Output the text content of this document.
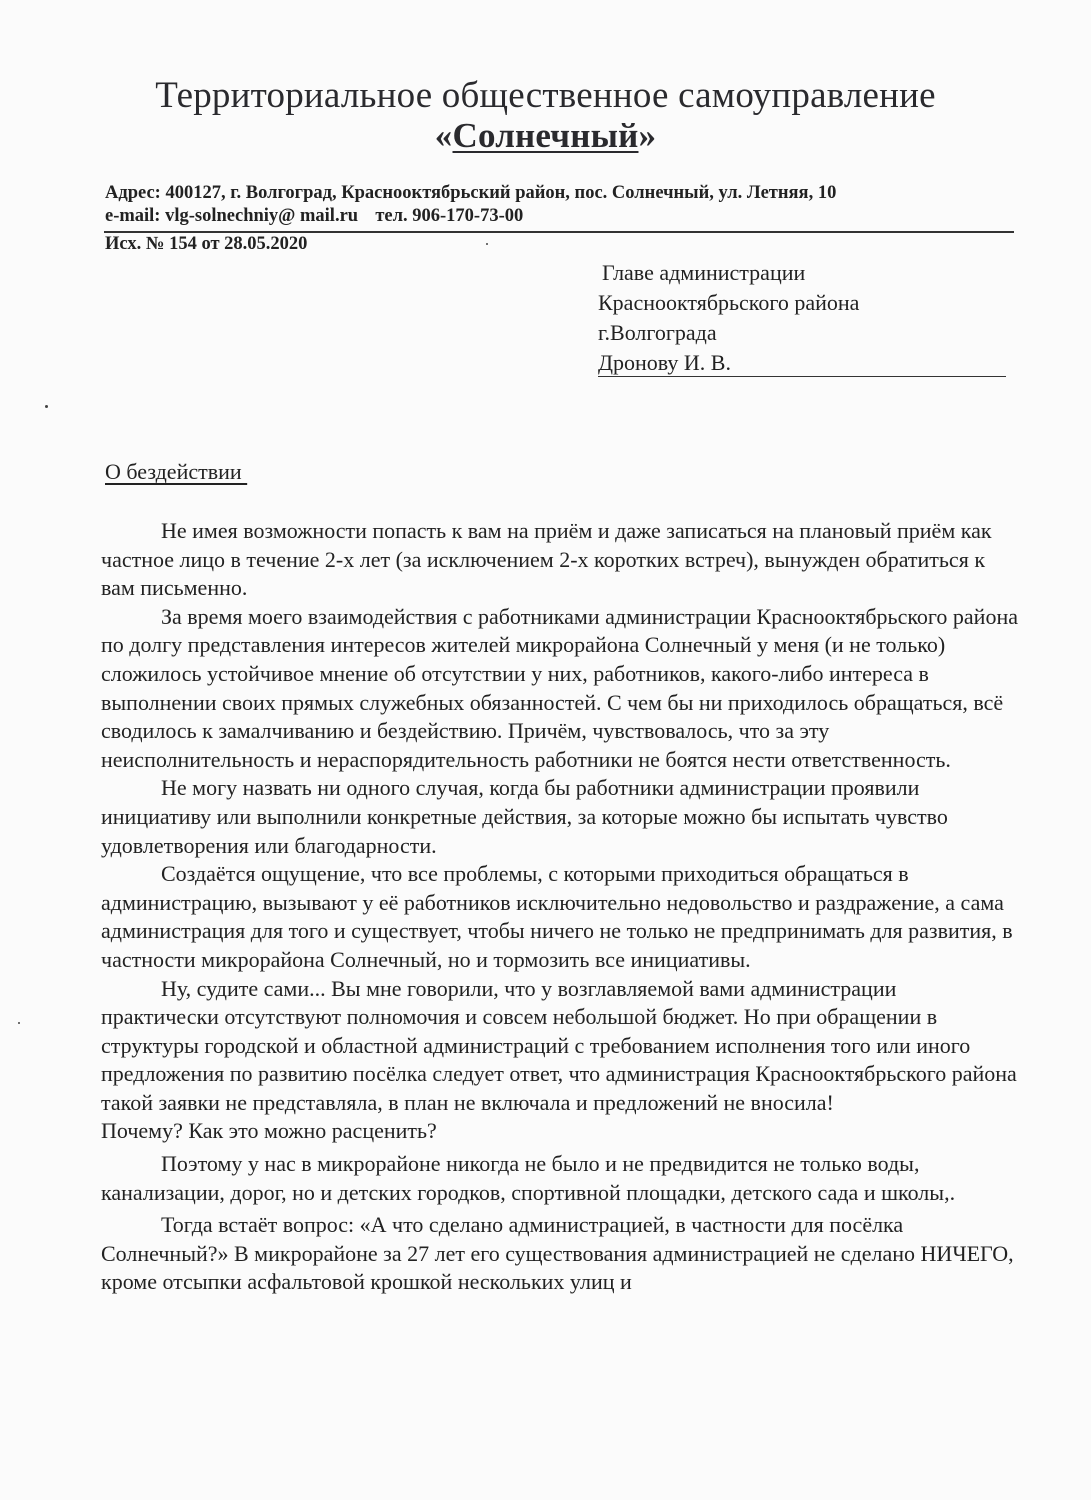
Территориальное общественное самоуправление
«Солнечный»
Адрес: 400127, г. Волгоград, Краснооктябрьский район, пос. Солнечный, ул. Летняя, 10
e-mail: vlg-solnechniy@ mail.ru тел. 906-170-73-00
Исх. № 154 от 28.05.2020
Главе администрации
Краснооктябрьского района
г.Волгограда
Дронову И. В.
О бездействии

Не имея возможности попасть к вам на приём и даже записаться на плановый приём как частное лицо в течение 2-х лет (за исключением 2-х коротких встреч), вынужден обратиться к вам письменно.

За время моего взаимодействия с работниками администрации Краснооктябрьского района по долгу представления интересов жителей микрорайона Солнечный у меня (и не только) сложилось устойчивое мнение об отсутствии у них, работников, какого-либо интереса в выполнении своих прямых служебных обязанностей. С чем бы ни приходилось обращаться, всё сводилось к замалчиванию и бездействию. Причём, чувствовалось, что за эту неисполнительность и нераспорядительность работники не боятся нести ответственность.

Не могу назвать ни одного случая, когда бы работники администрации проявили инициативу или выполнили конкретные действия, за которые можно бы испытать чувство удовлетворения или благодарности.

Создаётся ощущение, что все проблемы, с которыми приходиться обращаться в администрацию, вызывают у её работников исключительно недовольство и раздражение, а сама администрация для того и существует, чтобы ничего не только не предпринимать для развития, в частности микрорайона Солнечный, но и тормозить все инициативы.

Ну, судите сами... Вы мне говорили, что у возглавляемой вами администрации практически отсутствуют полномочия и совсем небольшой бюджет. Но при обращении в структуры городской и областной администраций с требованием исполнения того или иного предложения по развитию посёлка следует ответ, что администрация Краснооктябрьского района такой заявки не представляла, в план не включала и предложений не вносила!

Почему? Как это можно расценить?

Поэтому у нас в микрорайоне никогда не было и не предвидится не только воды, канализации, дорог, но и детских городков, спортивной площадки, детского сада и школы,.

Тогда встаёт вопрос: «А что сделано администрацией, в частности для посёлка Солнечный?» В микрорайоне за 27 лет его существования администрацией не сделано НИЧЕГО, кроме отсыпки асфальтовой крошкой нескольких улиц и
